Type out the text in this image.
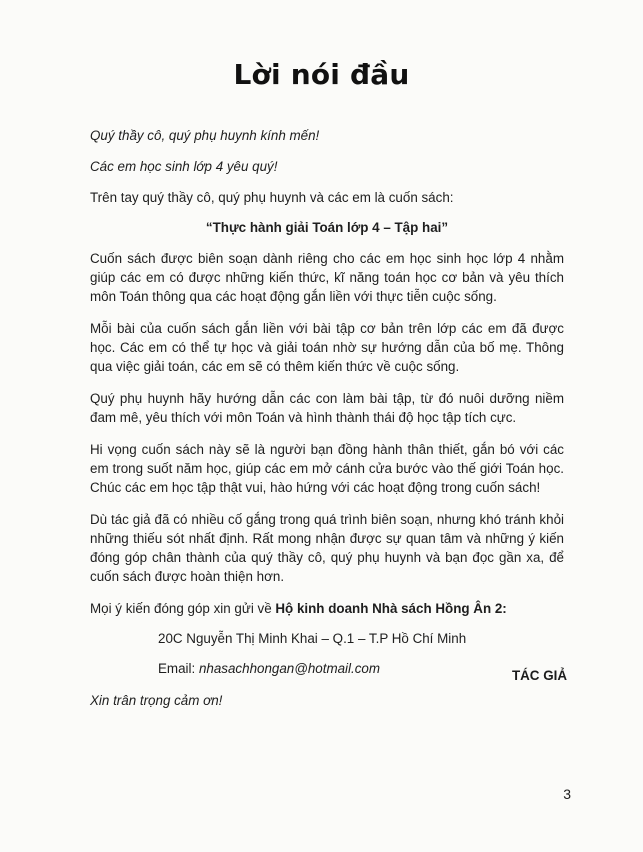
Lời nói đầu

Quý thầy cô, quý phụ huynh kính mến!

Các em học sinh lớp 4 yêu quý!

Trên tay quý thầy cô, quý phụ huynh và các em là cuốn sách:

“Thực hành giải Toán lớp 4 – Tập hai”

Cuốn sách được biên soạn dành riêng cho các em học sinh học lớp 4 nhằm giúp các em có được những kiến thức, kĩ năng toán học cơ bản và yêu thích môn Toán thông qua các hoạt động gắn liền với thực tiễn cuộc sống.

Mỗi bài của cuốn sách gắn liền với bài tập cơ bản trên lớp các em đã được học. Các em có thể tự học và giải toán nhờ sự hướng dẫn của bố mẹ. Thông qua việc giải toán, các em sẽ có thêm kiến thức về cuộc sống.

Quý phụ huynh hãy hướng dẫn các con làm bài tập, từ đó nuôi dưỡng niềm đam mê, yêu thích với môn Toán và hình thành thái độ học tập tích cực.

Hi vọng cuốn sách này sẽ là người bạn đồng hành thân thiết, gắn bó với các em trong suốt năm học, giúp các em mở cánh cửa bước vào thế giới Toán học. Chúc các em học tập thật vui, hào hứng với các hoạt động trong cuốn sách!

Dù tác giả đã có nhiều cố gắng trong quá trình biên soạn, nhưng khó tránh khỏi những thiếu sót nhất định. Rất mong nhận được sự quan tâm và những ý kiến đóng góp chân thành của quý thầy cô, quý phụ huynh và bạn đọc gần xa, để cuốn sách được hoàn thiện hơn.

Mọi ý kiến đóng góp xin gửi về Hộ kinh doanh Nhà sách Hồng Ân 2:

20C Nguyễn Thị Minh Khai – Q.1 – T.P Hồ Chí Minh

Email: nhasachhongan@hotmail.com

Xin trân trọng cảm ơn!

TÁC GIẢ
3
